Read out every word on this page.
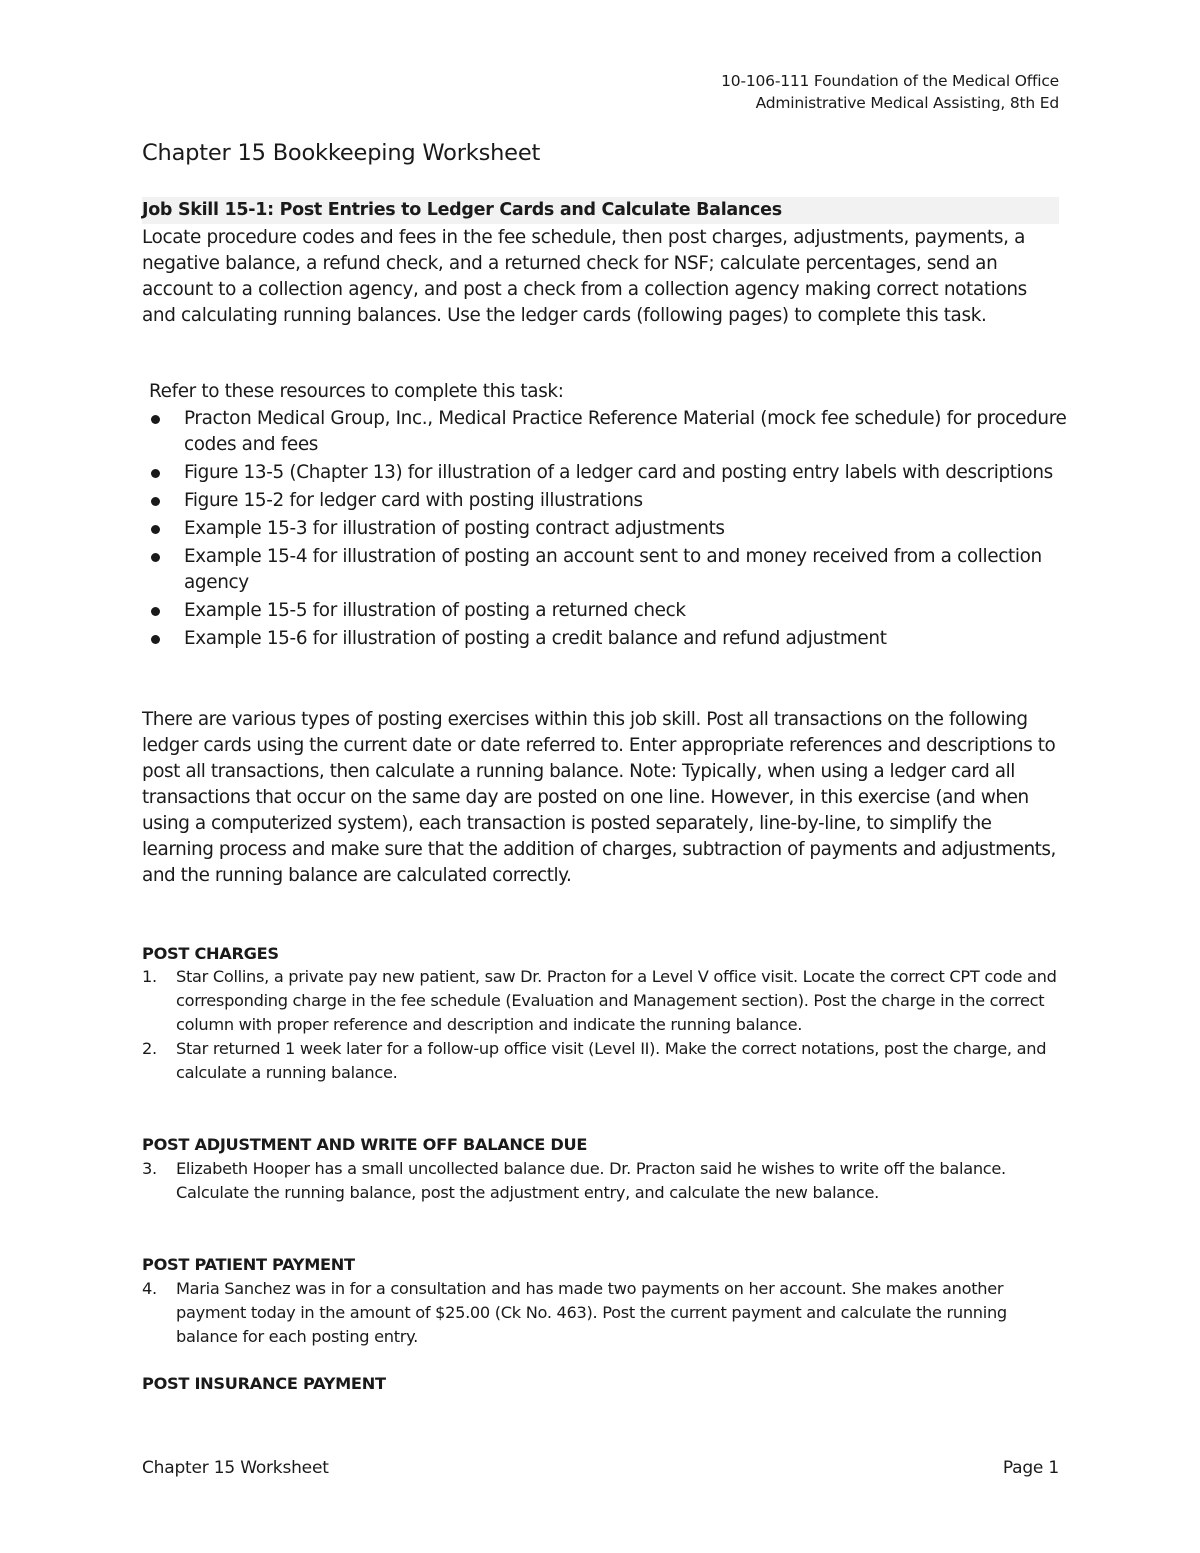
10-106-111 Foundation of the Medical Office
Administrative Medical Assisting, 8th Ed
Chapter 15 Bookkeeping Worksheet
Job Skill 15-1: Post Entries to Ledger Cards and Calculate Balances

Locate procedure codes and fees in the fee schedule, then post charges, adjustments, payments, a negative balance, a refund check, and a returned check for NSF; calculate percentages, send an account to a collection agency, and post a check from a collection agency making correct notations and calculating running balances. Use the ledger cards (following pages) to complete this task.

Refer to these resources to complete this task:
Practon Medical Group, Inc., Medical Practice Reference Material (mock fee schedule) for procedure codes and fees
Figure 13-5 (Chapter 13) for illustration of a ledger card and posting entry labels with descriptions
Figure 15-2 for ledger card with posting illustrations
Example 15-3 for illustration of posting contract adjustments
Example 15-4 for illustration of posting an account sent to and money received from a collection agency
Example 15-5 for illustration of posting a returned check
Example 15-6 for illustration of posting a credit balance and refund adjustment

There are various types of posting exercises within this job skill. Post all transactions on the following ledger cards using the current date or date referred to. Enter appropriate references and descriptions to post all transactions, then calculate a running balance. Note: Typically, when using a ledger card all transactions that occur on the same day are posted on one line. However, in this exercise (and when using a computerized system), each transaction is posted separately, line-by-line, to simplify the learning process and make sure that the addition of charges, subtraction of payments and adjustments, and the running balance are calculated correctly.

POST CHARGES
1. Star Collins, a private pay new patient, saw Dr. Practon for a Level V office visit. Locate the correct CPT code and corresponding charge in the fee schedule (Evaluation and Management section). Post the charge in the correct column with proper reference and description and indicate the running balance.
2. Star returned 1 week later for a follow-up office visit (Level II). Make the correct notations, post the charge, and calculate a running balance.
POST ADJUSTMENT AND WRITE OFF BALANCE DUE
3. Elizabeth Hooper has a small uncollected balance due. Dr. Practon said he wishes to write off the balance. Calculate the running balance, post the adjustment entry, and calculate the new balance.
POST PATIENT PAYMENT
4. Maria Sanchez was in for a consultation and has made two payments on her account. She makes another payment today in the amount of $25.00 (Ck No. 463). Post the current payment and calculate the running balance for each posting entry.
POST INSURANCE PAYMENT
Chapter 15 Worksheet	Page 1
